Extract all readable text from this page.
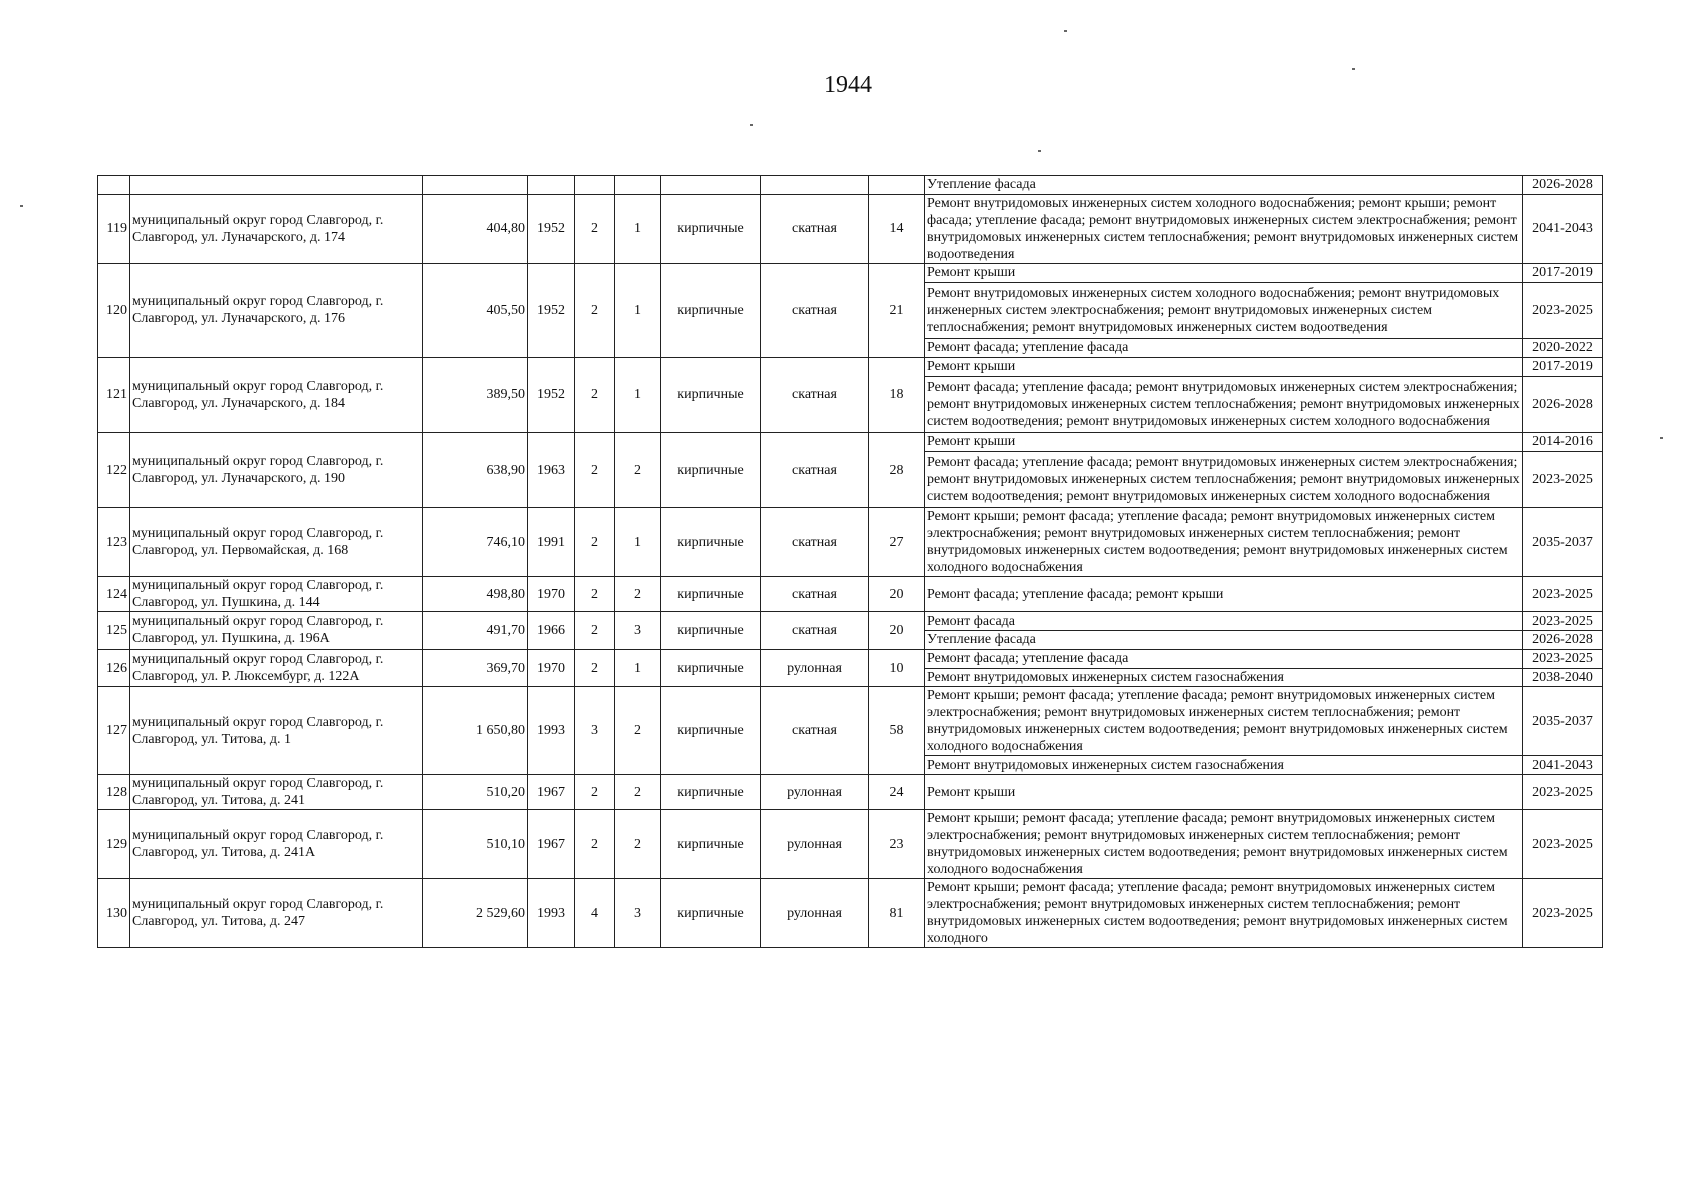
1944
									Утепление фасада	2026-2028
119	муниципальный округ город Славгород, г. Славгород, ул. Луначарского, д. 174	404,80	1952	2	1	кирпичные	скатная	14	Ремонт внутридомовых инженерных систем холодного водоснабжения; ремонт крыши; ремонт фасада; утепление фасада; ремонт внутридомовых инженерных систем электроснабжения; ремонт внутридомовых инженерных систем теплоснабжения; ремонт внутридомовых инженерных систем водоотведения	2041-2043
120	муниципальный округ город Славгород, г. Славгород, ул. Луначарского, д. 176	405,50	1952	2	1	кирпичные	скатная	21	Ремонт крыши	2017-2019
									Ремонт внутридомовых инженерных систем холодного водоснабжения; ремонт внутридомовых инженерных систем электроснабжения; ремонт внутридомовых инженерных систем теплоснабжения; ремонт внутридомовых инженерных систем водоотведения	2023-2025
									Ремонт фасада; утепление фасада	2020-2022
121	муниципальный округ город Славгород, г. Славгород, ул. Луначарского, д. 184	389,50	1952	2	1	кирпичные	скатная	18	Ремонт крыши	2017-2019
									Ремонт фасада; утепление фасада; ремонт внутридомовых инженерных систем электроснабжения; ремонт внутридомовых инженерных систем теплоснабжения; ремонт внутридомовых инженерных систем водоотведения; ремонт внутридомовых инженерных систем холодного водоснабжения	2026-2028
122	муниципальный округ город Славгород, г. Славгород, ул. Луначарского, д. 190	638,90	1963	2	2	кирпичные	скатная	28	Ремонт крыши	2014-2016
									Ремонт фасада; утепление фасада; ремонт внутридомовых инженерных систем электроснабжения; ремонт внутридомовых инженерных систем теплоснабжения; ремонт внутридомовых инженерных систем водоотведения; ремонт внутридомовых инженерных систем холодного водоснабжения	2023-2025
123	муниципальный округ город Славгород, г. Славгород, ул. Первомайская, д. 168	746,10	1991	2	1	кирпичные	скатная	27	Ремонт крыши; ремонт фасада; утепление фасада; ремонт внутридомовых инженерных систем электроснабжения; ремонт внутридомовых инженерных систем теплоснабжения; ремонт внутридомовых инженерных систем водоотведения; ремонт внутридомовых инженерных систем холодного водоснабжения	2035-2037
124	муниципальный округ город Славгород, г. Славгород, ул. Пушкина, д. 144	498,80	1970	2	2	кирпичные	скатная	20	Ремонт фасада; утепление фасада; ремонт крыши	2023-2025
125	муниципальный округ город Славгород, г. Славгород, ул. Пушкина, д. 196А	491,70	1966	2	3	кирпичные	скатная	20	Ремонт фасада	2023-2025
									Утепление фасада	2026-2028
126	муниципальный округ город Славгород, г. Славгород, ул. Р. Люксембург, д. 122А	369,70	1970	2	1	кирпичные	рулонная	10	Ремонт фасада; утепление фасада	2023-2025
									Ремонт внутридомовых инженерных систем газоснабжения	2038-2040
127	муниципальный округ город Славгород, г. Славгород, ул. Титова, д. 1	1 650,80	1993	3	2	кирпичные	скатная	58	Ремонт крыши; ремонт фасада; утепление фасада; ремонт внутридомовых инженерных систем электроснабжения; ремонт внутридомовых инженерных систем теплоснабжения; ремонт внутридомовых инженерных систем водоотведения; ремонт внутридомовых инженерных систем холодного водоснабжения	2035-2037
									Ремонт внутридомовых инженерных систем газоснабжения	2041-2043
128	муниципальный округ город Славгород, г. Славгород, ул. Титова, д. 241	510,20	1967	2	2	кирпичные	рулонная	24	Ремонт крыши	2023-2025
129	муниципальный округ город Славгород, г. Славгород, ул. Титова, д. 241А	510,10	1967	2	2	кирпичные	рулонная	23	Ремонт крыши; ремонт фасада; утепление фасада; ремонт внутридомовых инженерных систем электроснабжения; ремонт внутридомовых инженерных систем теплоснабжения; ремонт внутридомовых инженерных систем водоотведения; ремонт внутридомовых инженерных систем холодного водоснабжения	2023-2025
130	муниципальный округ город Славгород, г. Славгород, ул. Титова, д. 247	2 529,60	1993	4	3	кирпичные	рулонная	81	Ремонт крыши; ремонт фасада; утепление фасада; ремонт внутридомовых инженерных систем электроснабжения; ремонт внутридомовых инженерных систем теплоснабжения; ремонт внутридомовых инженерных систем водоотведения; ремонт внутридомовых инженерных систем холодного	2023-2025
